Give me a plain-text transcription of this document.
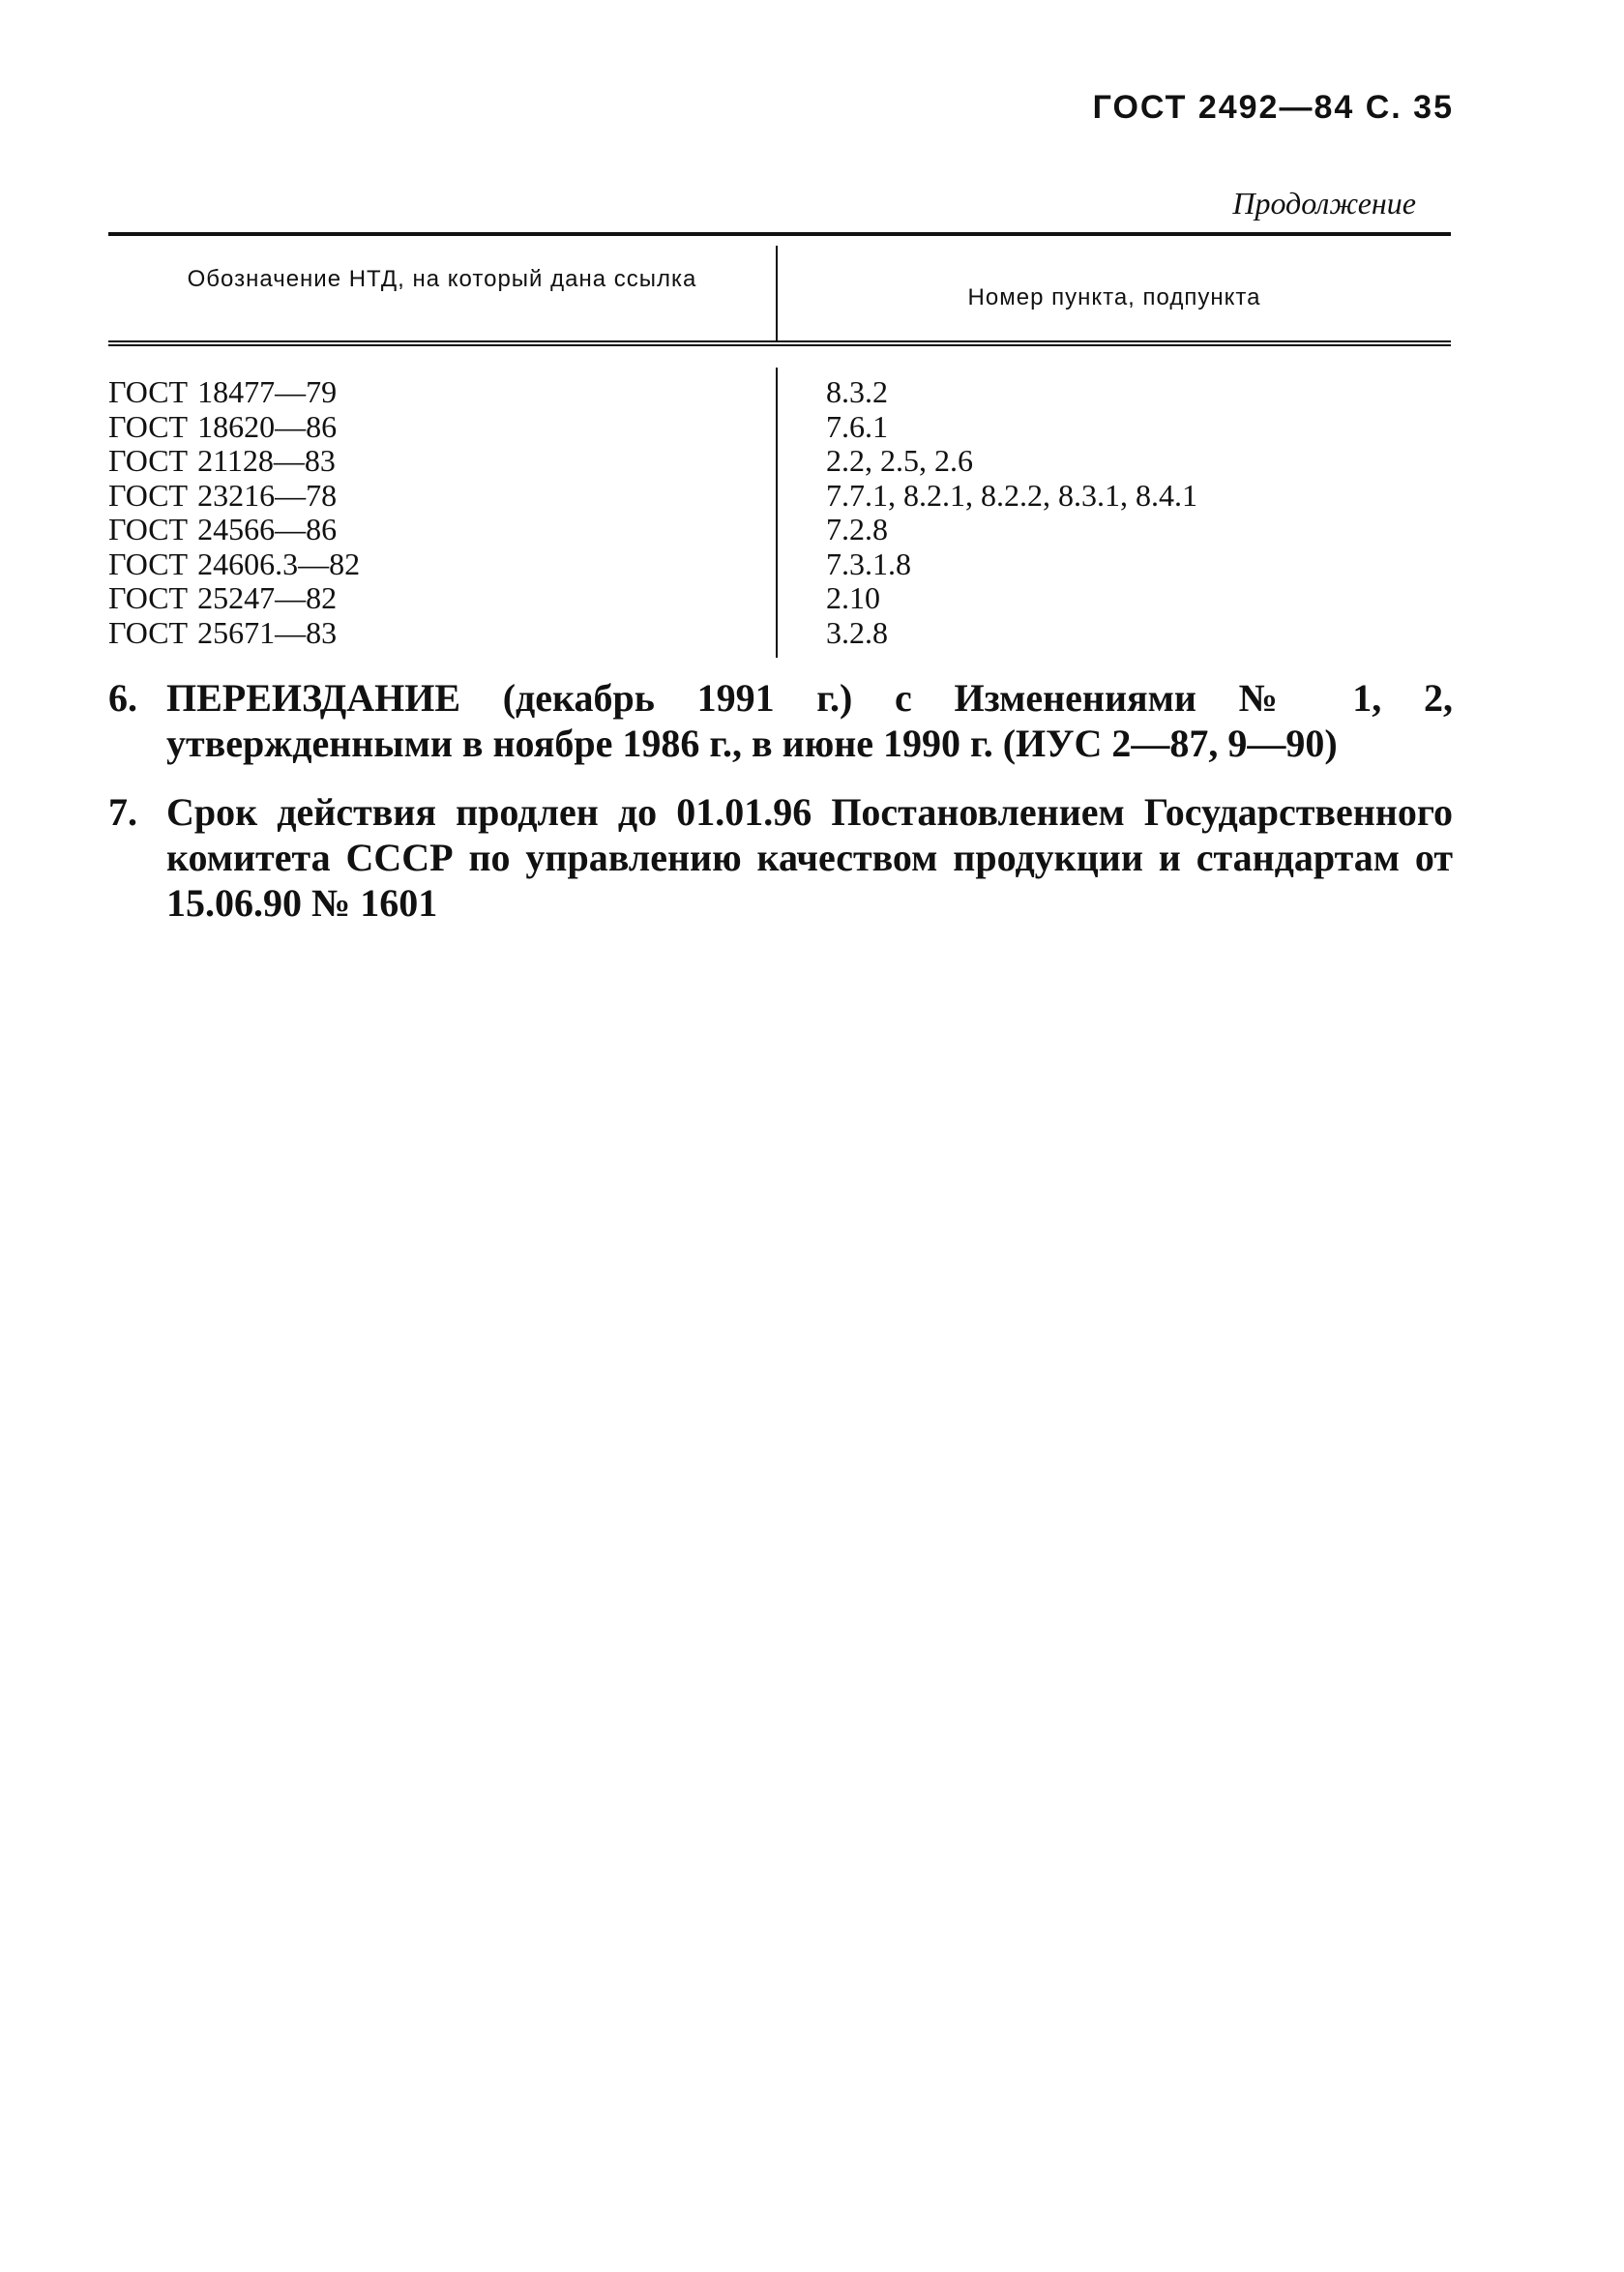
ГОСТ 2492—84 С. 35
Продолжение
Обозначение НТД, на который дана ссылка
Номер пункта, подпункта
ГОСТ 18477—79	8.3.2
ГОСТ 18620—86	7.6.1
ГОСТ 21128—83	2.2, 2.5, 2.6
ГОСТ 23216—78	7.7.1, 8.2.1, 8.2.2, 8.3.1, 8.4.1
ГОСТ 24566—86	7.2.8
ГОСТ 24606.3—82	7.3.1.8
ГОСТ 25247—82	2.10
ГОСТ 25671—83	3.2.8
6. ПЕРЕИЗДАНИЕ (декабрь 1991 г.) с Изменениями № 1, 2, утвержденными в ноябре 1986 г., в июне 1990 г. (ИУС 2—87, 9—90)
7. Срок действия продлен до 01.01.96 Постановлением Государственного комитета СССР по управлению качеством продукции и стандартам от 15.06.90 № 1601
